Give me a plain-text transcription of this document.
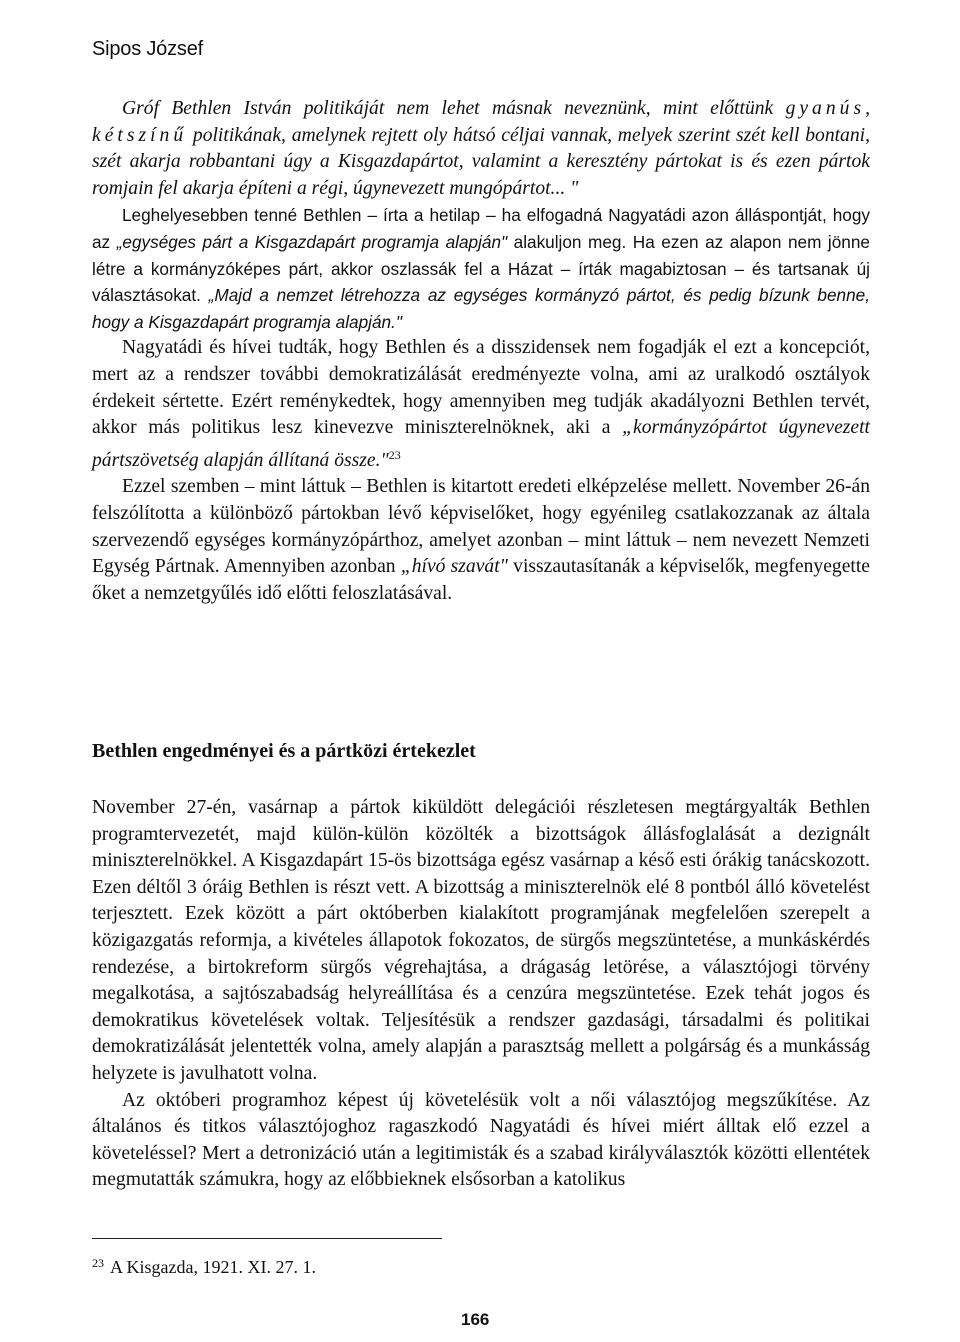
Sipos József

Gróf Bethlen István politikáját nem lehet másnak neveznünk, mint előttünk gyanús, kétszínű politikának, amelynek rejtett oly hátsó céljai vannak, melyek szerint szét kell bontani, szét akarja robbantani úgy a Kisgazdapártot, valamint a keresztény pártokat is és ezen pártok romjain fel akarja építeni a régi, úgynevezett mungópártot... "

Leghelyesebben tenné Bethlen – írta a hetilap – ha elfogadná Nagyatádi azon álláspontját, hogy az „egységes párt a Kisgazdapárt programja alapján" alakuljon meg. Ha ezen az alapon nem jönne létre a kormányzóképes párt, akkor oszlassák fel a Házat – írták magabiztosan – és tartsanak új választásokat. „Majd a nemzet létrehozza az egységes kormányzó pártot, és pedig bízunk benne, hogy a Kisgazdapárt programja alapján."

Nagyatádi és hívei tudták, hogy Bethlen és a disszidensek nem fogadják el ezt a koncepciót, mert az a rendszer további demokratizálását eredményezte volna, ami az uralkodó osztályok érdekeit sértette. Ezért reménykedtek, hogy amennyiben meg tudják akadályozni Bethlen tervét, akkor más politikus lesz kinevezve miniszterelnöknek, aki a „kormányzópártot úgynevezett pártszövetség alapján állítaná össze."$^{23}$

Ezzel szemben – mint láttuk – Bethlen is kitartott eredeti elképzelése mellett. November 26-án felszólította a különböző pártokban lévő képviselőket, hogy egyénileg csatlakozzanak az általa szervezendő egységes kormányzópárthoz, amelyet azonban – mint láttuk – nem nevezett Nemzeti Egység Pártnak. Amennyiben azonban „hívó szavát" visszautasítanák a képviselők, megfenyegette őket a nemzetgyűlés idő előtti feloszlatásával.

Bethlen engedményei és a pártközi értekezlet

November 27-én, vasárnap a pártok kiküldött delegációi részletesen megtárgyalták Bethlen programtervezetét, majd külön-külön közölték a bizottságok állásfoglalását a dezignált miniszterelnökkel. A Kisgazdapárt 15-ös bizottsága egész vasárnap a késő esti órákig tanácskozott. Ezen déltől 3 óráig Bethlen is részt vett. A bizottság a miniszterelnök elé 8 pontból álló követelést terjesztett. Ezek között a párt októberben kialakított programjának megfelelően szerepelt a közigazgatás reformja, a kivételes állapotok fokozatos, de sürgős megszüntetése, a munkáskérdés rendezése, a birtokreform sürgős végrehajtása, a drágaság letörése, a választójogi törvény megalkotása, a sajtószabadság helyreállítása és a cenzúra megszüntetése. Ezek tehát jogos és demokratikus követelések voltak. Teljesítésük a rendszer gazdasági, társadalmi és politikai demokratizálását jelentették volna, amely alapján a parasztság mellett a polgárság és a munkásság helyzete is javulhatott volna.

Az októberi programhoz képest új követelésük volt a női választójog megszűkítése. Az általános és titkos választójoghoz ragaszkodó Nagyatádi és hívei miért álltak elő ezzel a követeléssel? Mert a detronizáció után a legitimisták és a szabad királyválasztók közötti ellentétek megmutatták számukra, hogy az előbbieknek elsősorban a katolikus

$^{23}$ A Kisgazda, 1921. XI. 27. 1.
166
